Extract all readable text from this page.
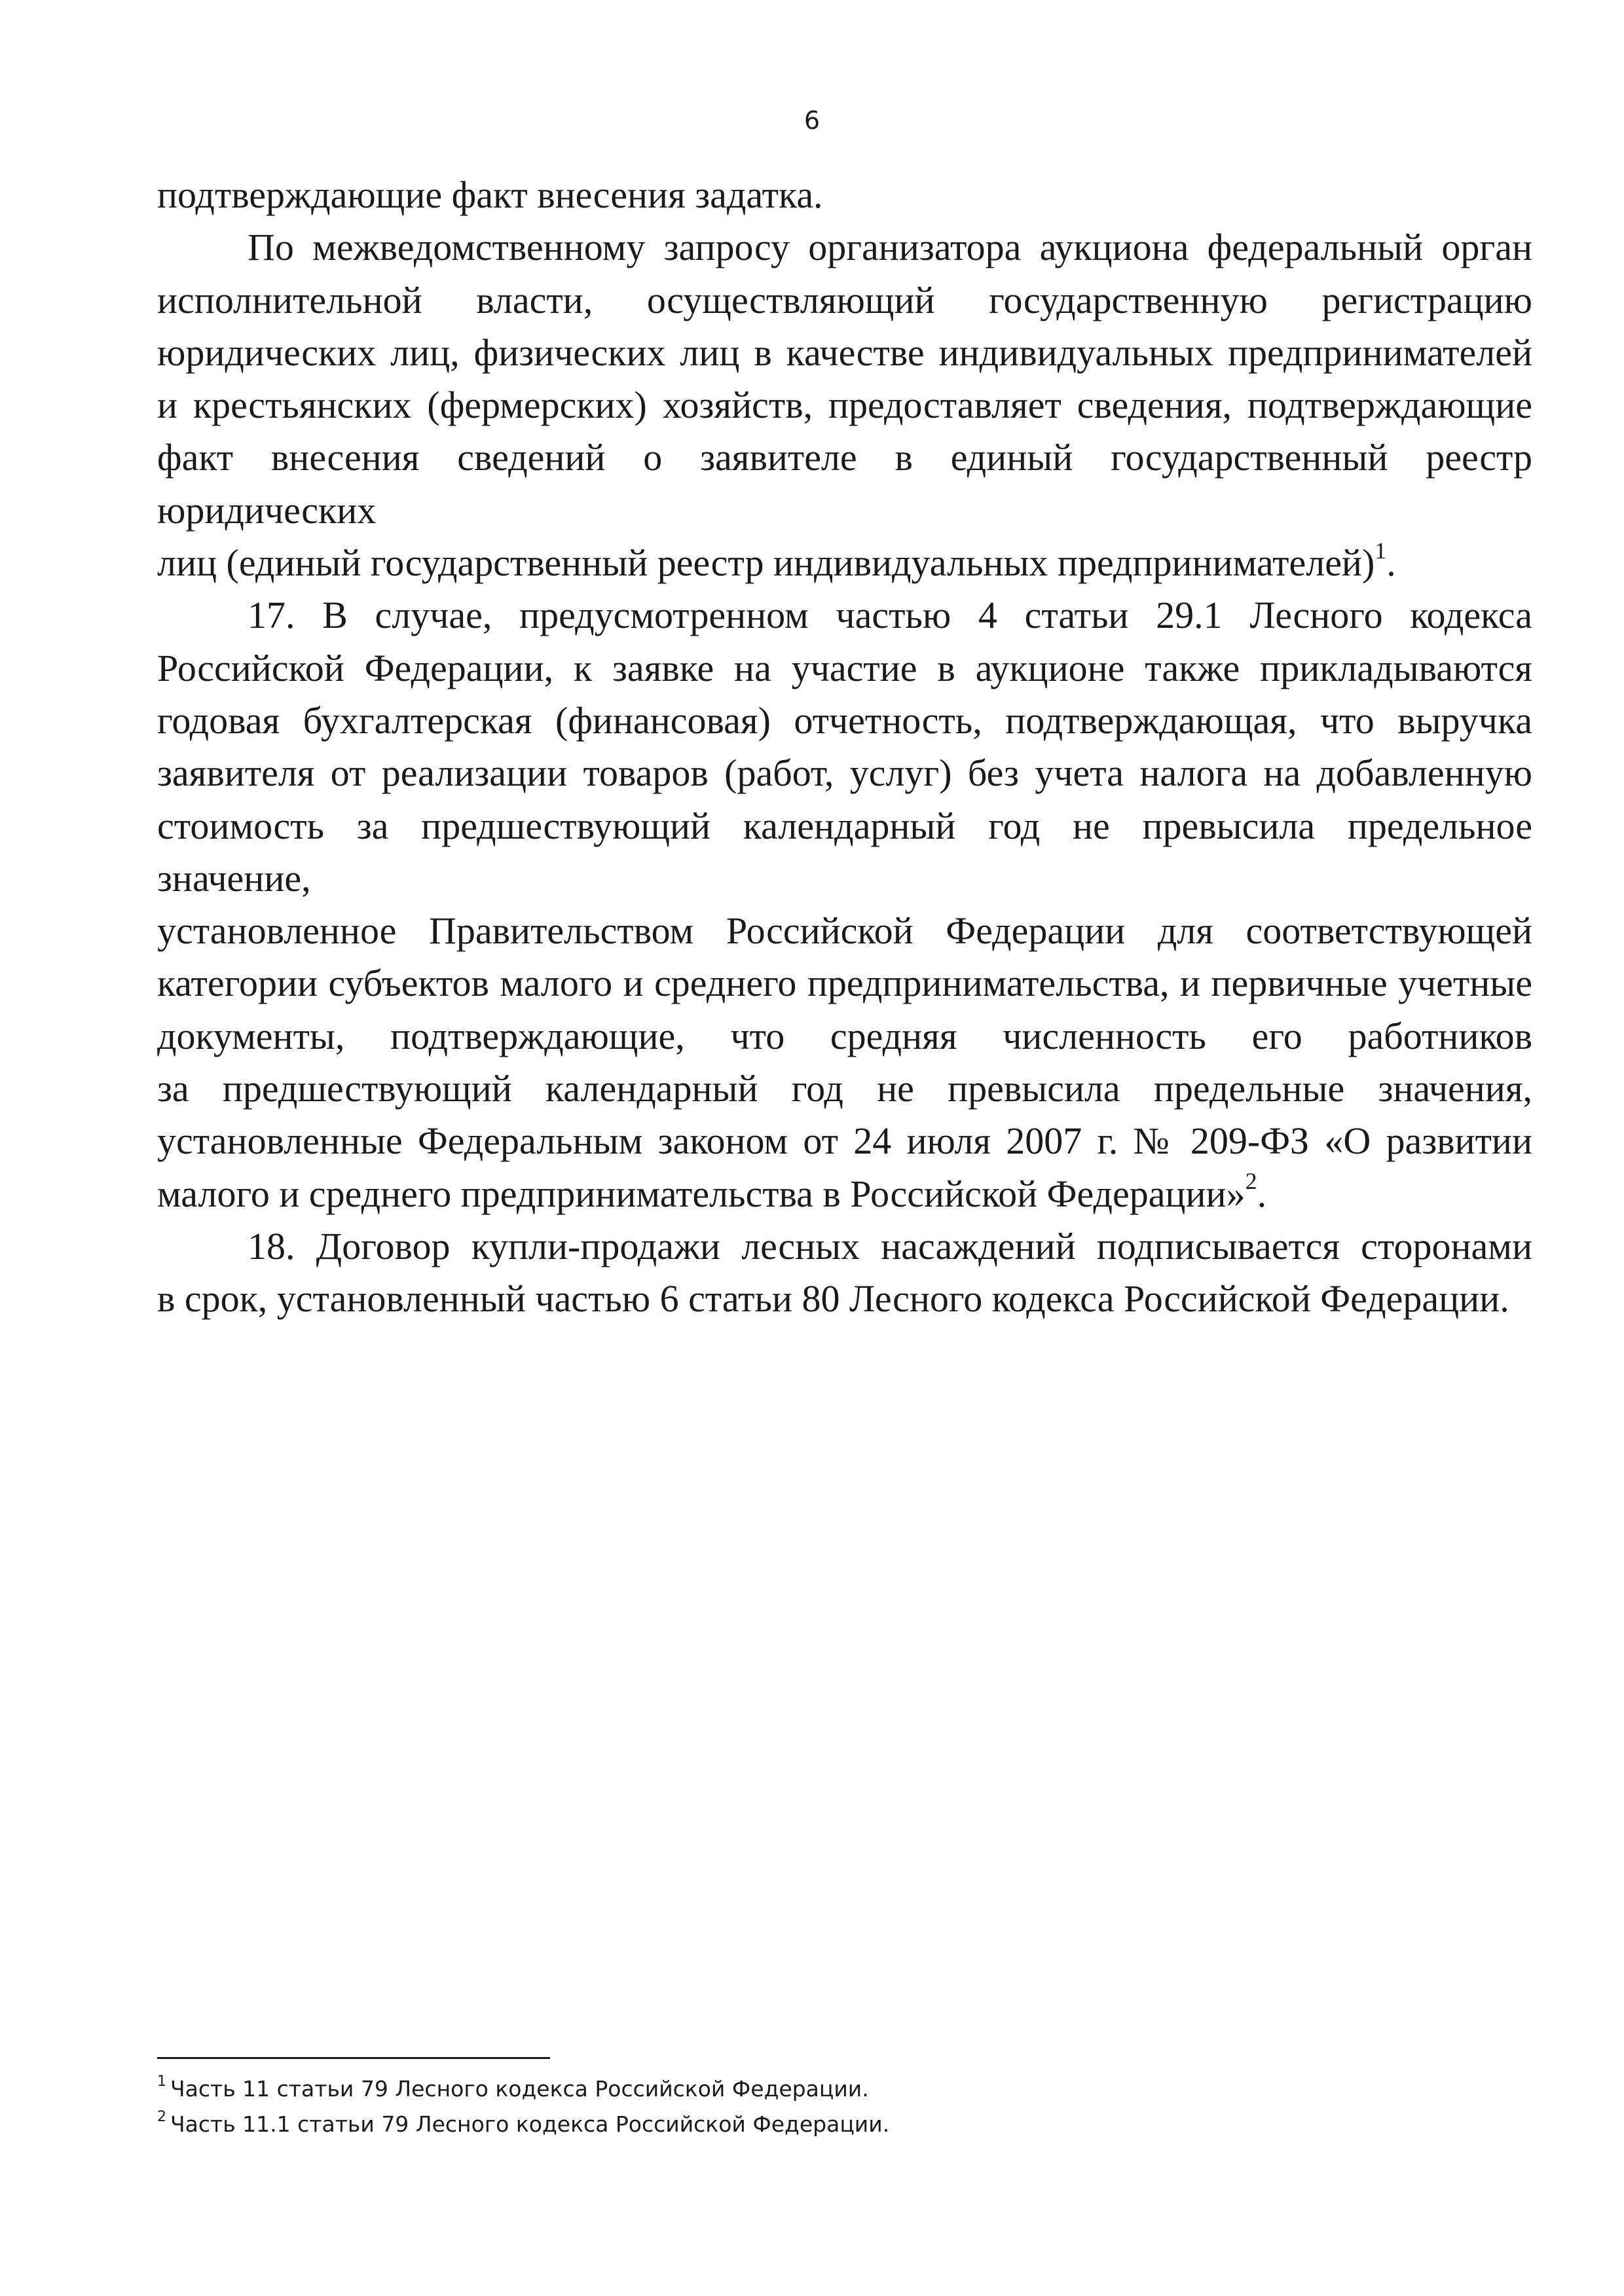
6

подтверждающие факт внесения задатка.

По межведомственному запросу организатора аукциона федеральный орган
исполнительной власти, осуществляющий государственную регистрацию
юридических лиц, физических лиц в качестве индивидуальных предпринимателей
и крестьянских (фермерских) хозяйств, предоставляет сведения, подтверждающие
факт внесения сведений о заявителе в единый государственный реестр юридических
лиц (единый государственный реестр индивидуальных предпринимателей)$^1$.

17. В случае, предусмотренном частью 4 статьи 29.1 Лесного кодекса
Российской Федерации, к заявке на участие в аукционе также прикладываются
годовая бухгалтерская (финансовая) отчетность, подтверждающая, что выручка
заявителя от реализации товаров (работ, услуг) без учета налога на добавленную
стоимость за предшествующий календарный год не превысила предельное значение,
установленное Правительством Российской Федерации для соответствующей
категории субъектов малого и среднего предпринимательства, и первичные учетные
документы, подтверждающие, что средняя численность его работников
за предшествующий календарный год не превысила предельные значения,
установленные Федеральным законом от 24 июля 2007 г. № 209-ФЗ «О развитии
малого и среднего предпринимательства в Российской Федерации»$^2$.

18. Договор купли-продажи лесных насаждений подписывается сторонами
в срок, установленный частью 6 статьи 80 Лесного кодекса Российской Федерации.

$^1$ Часть 11 статьи 79 Лесного кодекса Российской Федерации.
$^2$ Часть 11.1 статьи 79 Лесного кодекса Российской Федерации.
